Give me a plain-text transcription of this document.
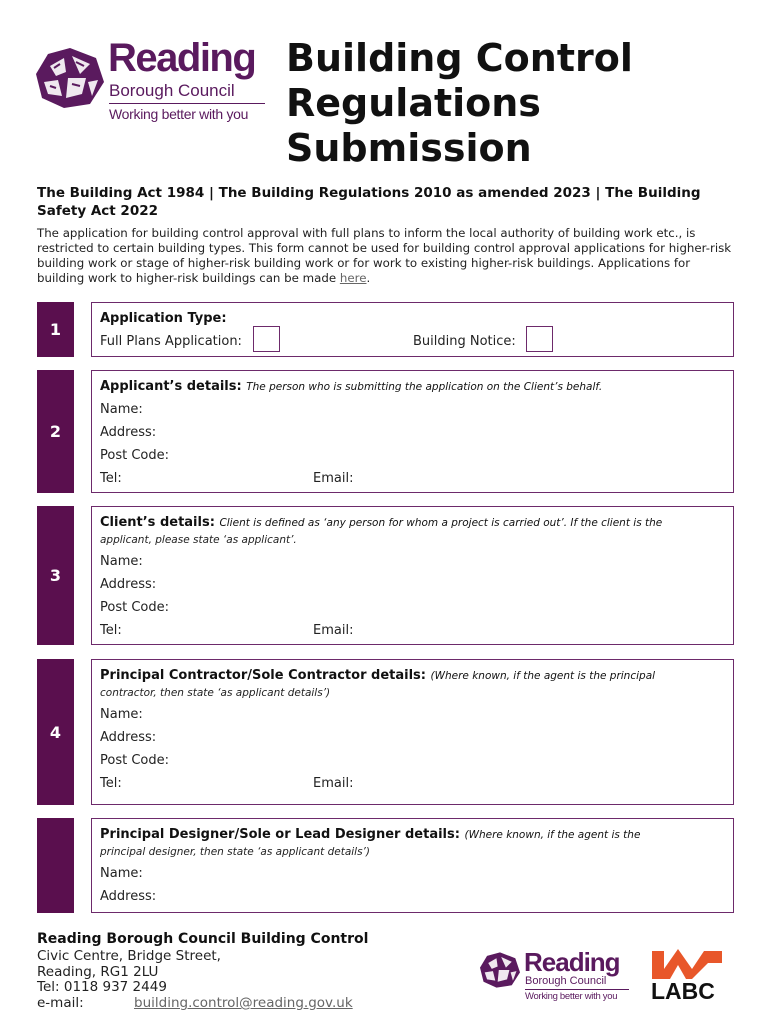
Reading
Borough Council
Working better with you
Building Control
Regulations
Submission
The Building Act 1984 | The Building Regulations 2010 as amended 2023 | The Building Safety Act 2022
The application for building control approval with full plans to inform the local authority of building work etc., is restricted to certain building types. This form cannot be used for building control approval applications for higher-risk building work or stage of higher-risk building work or for work to existing higher-risk buildings. Applications for building work to higher-risk buildings can be made here.
1
Application Type:
Full Plans Application:	Building Notice:
2
Applicant’s details: The person who is submitting the application on the Client’s behalf.
Name:
Address:
Post Code:
Tel:	Email:
3
Client’s details: Client is defined as ‘any person for whom a project is carried out’. If the client is the
applicant, please state ‘as applicant’.
Name:
Address:
Post Code:
Tel:	Email:
4
Principal Contractor/Sole Contractor details: (Where known, if the agent is the principal
contractor, then state ‘as applicant details’)
Name:
Address:
Post Code:
Tel:	Email:
Principal Designer/Sole or Lead Designer details: (Where known, if the agent is the
principal designer, then state ‘as applicant details’)
Name:
Address:
Reading Borough Council Building Control
Civic Centre, Bridge Street,
Reading, RG1 2LU
Tel: 0118 937 2449
e-mail:	building.control@reading.gov.uk
Reading
Borough Council
Working better with you LABC
